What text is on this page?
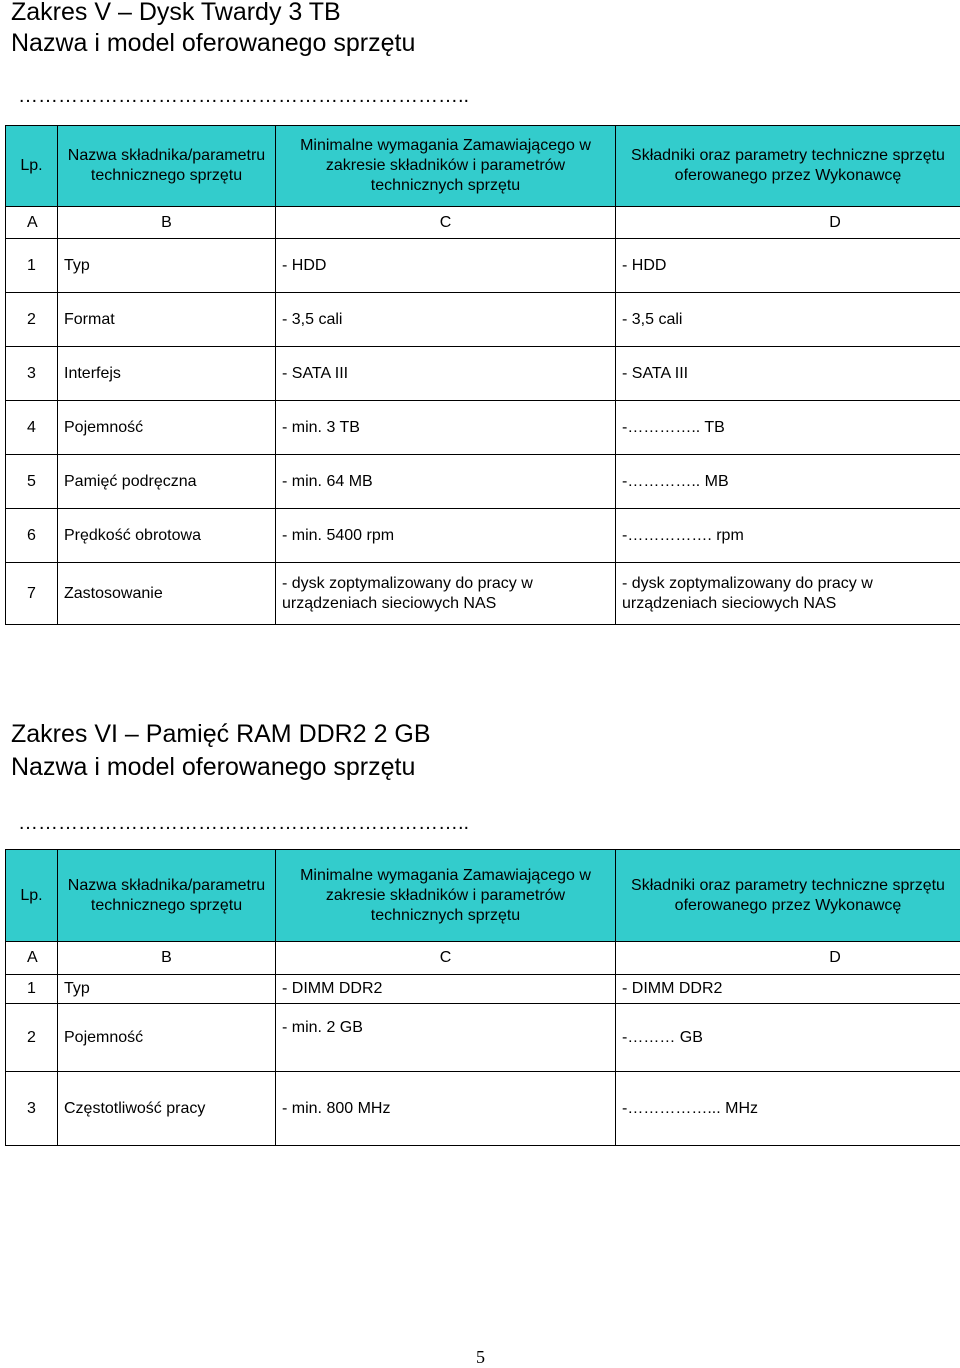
Zakres V – Dysk Twardy 3 TB
Nazwa i model oferowanego sprzętu
…………………………………………………………..
Lp.	Nazwa składnika/parametru technicznego sprzętu	Minimalne wymagania Zamawiającego w zakresie składników i parametrów technicznych sprzętu	Składniki oraz parametry techniczne sprzętu oferowanego przez Wykonawcę
A	B	C	D
1	Typ	- HDD	- HDD
2	Format	- 3,5 cali	- 3,5 cali
3	Interfejs	- SATA III	- SATA III
4	Pojemność	- min. 3 TB	-………….. TB
5	Pamięć podręczna	- min. 64 MB	-………….. MB
6	Prędkość obrotowa	- min. 5400 rpm	-……………. rpm
7	Zastosowanie	- dysk zoptymalizowany do pracy w urządzeniach sieciowych NAS	- dysk zoptymalizowany do pracy w urządzeniach sieciowych NAS
Zakres VI – Pamięć RAM DDR2 2 GB
Nazwa i model oferowanego sprzętu
…………………………………………………………..
Lp.	Nazwa składnika/parametru technicznego sprzętu	Minimalne wymagania Zamawiającego w zakresie składników i parametrów technicznych sprzętu	Składniki oraz parametry techniczne sprzętu oferowanego przez Wykonawcę
A	B	C	D
1	Typ	- DIMM DDR2	- DIMM DDR2
2	Pojemność	- min. 2 GB	-……… GB
3	Częstotliwość pracy	- min. 800 MHz	-……………... MHz
5
